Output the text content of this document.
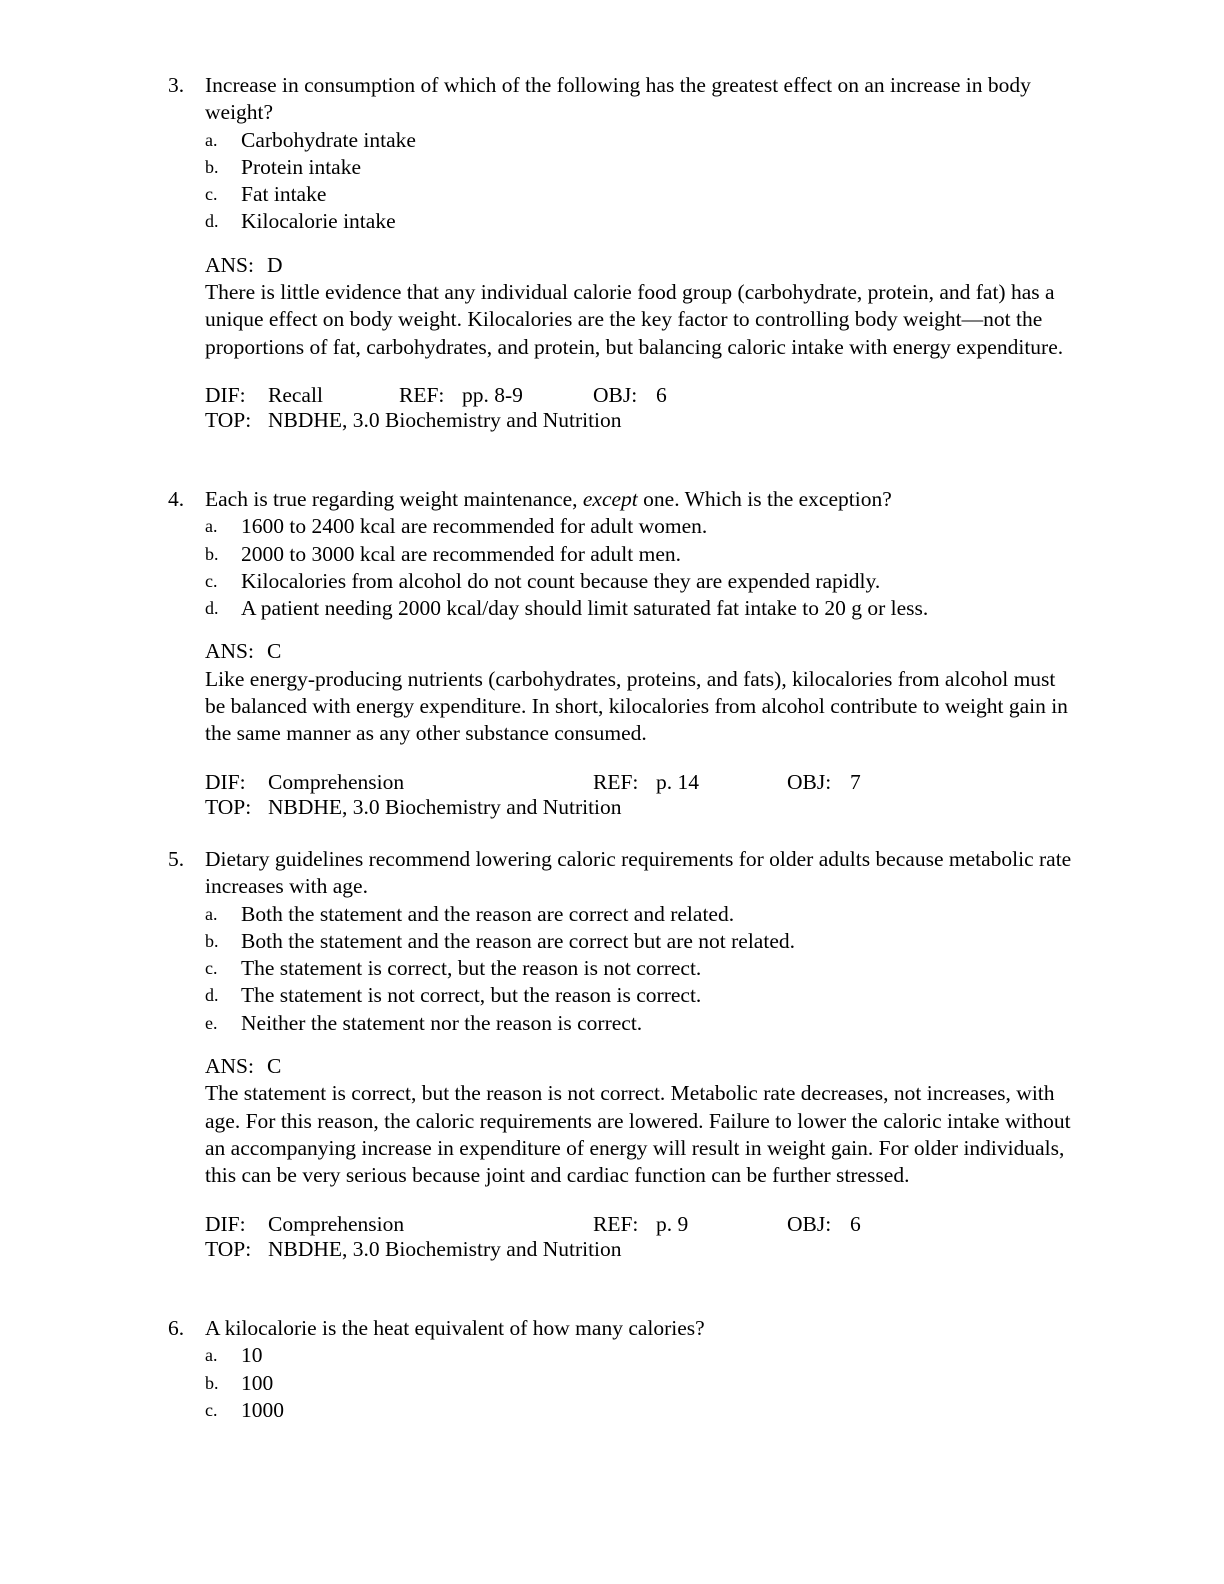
3. Increase in consumption of which of the following has the greatest effect on an increase in body weight?
a.	Carbohydrate intake
b.	Protein intake
c.	Fat intake
d.	Kilocalorie intake
ANS: D
There is little evidence that any individual calorie food group (carbohydrate, protein, and fat) has a unique effect on body weight. Kilocalories are the key factor to controlling body weight—not the proportions of fat, carbohydrates, and protein, but balancing caloric intake with energy expenditure.
DIF: Recall	REF: pp. 8-9	OBJ: 6
TOP: NBDHE, 3.0 Biochemistry and Nutrition
4. Each is true regarding weight maintenance, except one. Which is the exception?
a.	1600 to 2400 kcal are recommended for adult women.
b.	2000 to 3000 kcal are recommended for adult men.
c.	Kilocalories from alcohol do not count because they are expended rapidly.
d.	A patient needing 2000 kcal/day should limit saturated fat intake to 20 g or less.
ANS: C
Like energy-producing nutrients (carbohydrates, proteins, and fats), kilocalories from alcohol must be balanced with energy expenditure. In short, kilocalories from alcohol contribute to weight gain in the same manner as any other substance consumed.
DIF: Comprehension	REF: p. 14	OBJ: 7
TOP: NBDHE, 3.0 Biochemistry and Nutrition
5. Dietary guidelines recommend lowering caloric requirements for older adults because metabolic rate increases with age.
a.	Both the statement and the reason are correct and related.
b.	Both the statement and the reason are correct but are not related.
c.	The statement is correct, but the reason is not correct.
d.	The statement is not correct, but the reason is correct.
e.	Neither the statement nor the reason is correct.
ANS: C
The statement is correct, but the reason is not correct. Metabolic rate decreases, not increases, with age. For this reason, the caloric requirements are lowered. Failure to lower the caloric intake without an accompanying increase in expenditure of energy will result in weight gain. For older individuals, this can be very serious because joint and cardiac function can be further stressed.
DIF: Comprehension	REF: p. 9	OBJ: 6
TOP: NBDHE, 3.0 Biochemistry and Nutrition
6. A kilocalorie is the heat equivalent of how many calories?
a.	10
b.	100
c.	1000
